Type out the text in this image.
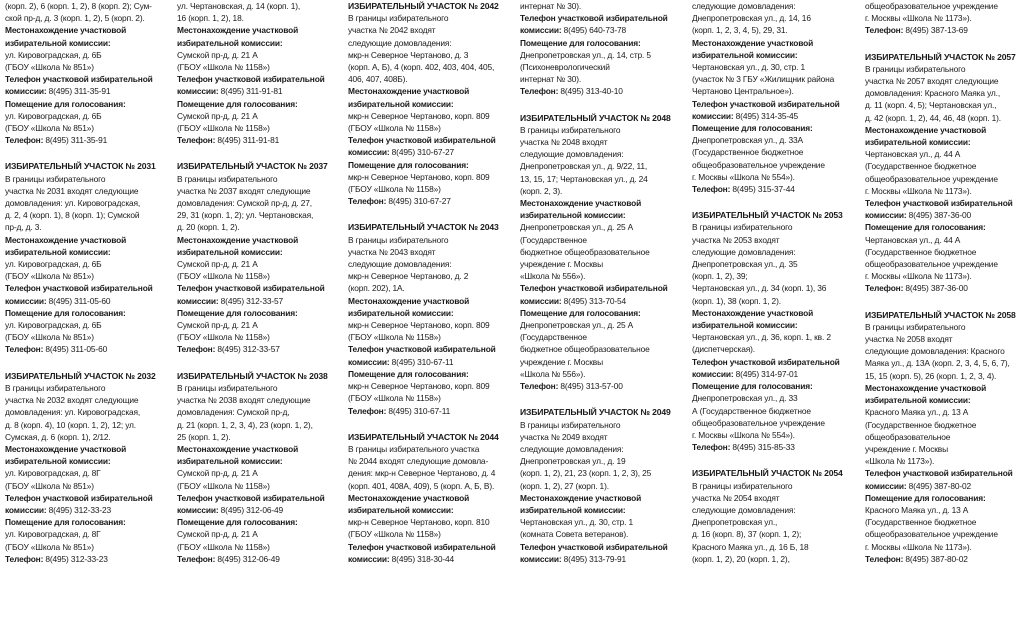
(корп. 2), 6 (корп. 1, 2), 8 (корп. 2); Сум-

ской пр-д, д. 3 (корп. 1, 2), 5 (корп. 2).

Местонахождение участковой

избирательной комиссии:

ул. Кировоградская, д. 6Б

(ГБОУ «Школа № 851»)

Телефон участковой избирательной

комиссии: 8(495) 311-35-91

Помещение для голосования:

ул. Кировоградская, д. 6Б

(ГБОУ «Школа № 851»)

Телефон: 8(495) 311-35-91

ИЗБИРАТЕЛЬНЫЙ УЧАСТОК № 2031

В границы избирательного

участка № 2031 входят следующие

домовладения: ул. Кировоградская,

д. 2, 4 (корп. 1), 8 (корп. 1); Сумской

пр-д, д. 3.

Местонахождение участковой

избирательной комиссии:

ул. Кировоградская, д. 6Б

(ГБОУ «Школа № 851»)

Телефон участковой избирательной

комиссии: 8(495) 311-05-60

Помещение для голосования:

ул. Кировоградская, д. 6Б

(ГБОУ «Школа № 851»)

Телефон: 8(495) 311-05-60

ИЗБИРАТЕЛЬНЫЙ УЧАСТОК № 2032

В границы избирательного

участка № 2032 входят следующие

домовладения: ул. Кировоградская,

д. 8 (корп. 4), 10 (корп. 1, 2), 12; ул.

Сумская, д. 6 (корп. 1), 2/12.

Местонахождение участковой

избирательной комиссии:

ул. Кировоградская, д. 8Г

(ГБОУ «Школа № 851»)

Телефон участковой избирательной

комиссии: 8(495) 312-33-23

Помещение для голосования:

ул. Кировоградская, д. 8Г

(ГБОУ «Школа № 851»)

Телефон: 8(495) 312-33-23

ул. Чертановская, д. 14 (корп. 1),

16 (корп. 1, 2), 18.

Местонахождение участковой

избирательной комиссии:

Сумской пр-д, д. 21 А

(ГБОУ «Школа № 1158»)

Телефон участковой избирательной

комиссии: 8(495) 311-91-81

Помещение для голосования:

Сумской пр-д, д. 21 А

(ГБОУ «Школа № 1158»)

Телефон: 8(495) 311-91-81

ИЗБИРАТЕЛЬНЫЙ УЧАСТОК № 2037

В границы избирательного

участка № 2037 входят следующие

домовладения: Сумской пр-д, д. 27,

29, 31 (корп. 1, 2); ул. Чертановская,

д. 20 (корп. 1, 2).

Местонахождение участковой

избирательной комиссии:

Сумской пр-д, д. 21 А

(ГБОУ «Школа № 1158»)

Телефон участковой избирательной

комиссии: 8(495) 312-33-57

Помещение для голосования:

Сумской пр-д, д. 21 А

(ГБОУ «Школа № 1158»)

Телефон: 8(495) 312-33-57

ИЗБИРАТЕЛЬНЫЙ УЧАСТОК № 2038

В границы избирательного

участка № 2038 входят следующие

домовладения: Сумской пр-д,

д. 21 (корп. 1, 2, 3, 4), 23 (корп. 1, 2),

25 (корп. 1, 2).

Местонахождение участковой

избирательной комиссии:

Сумской пр-д, д. 21 А

(ГБОУ «Школа № 1158»)

Телефон участковой избирательной

комиссии: 8(495) 312-06-49

Помещение для голосования:

Сумской пр-д, д. 21 А

(ГБОУ «Школа № 1158»)

Телефон: 8(495) 312-06-49

ИЗБИРАТЕЛЬНЫЙ УЧАСТОК № 2042

В границы избирательного

участка № 2042 входят

следующие домовладения:

мкр-н Северное Чертаново, д. 3

(корп. А, Б), 4 (корп. 402, 403, 404, 405,

406, 407, 408Б).

Местонахождение участковой

избирательной комиссии:

мкр-н Северное Чертаново, корп. 809

(ГБОУ «Школа № 1158»)

Телефон участковой избирательной

комиссии: 8(495) 310-67-27

Помещение для голосования:

мкр-н Северное Чертаново, корп. 809

(ГБОУ «Школа № 1158»)

Телефон: 8(495) 310-67-27

ИЗБИРАТЕЛЬНЫЙ УЧАСТОК № 2043

В границы избирательного

участка № 2043 входят

следующие домовладения:

мкр-н Северное Чертаново, д. 2

(корп. 202), 1А.

Местонахождение участковой

избирательной комиссии:

мкр-н Северное Чертаново, корп. 809

(ГБОУ «Школа № 1158»)

Телефон участковой избирательной

комиссии: 8(495) 310-67-11

Помещение для голосования:

мкр-н Северное Чертаново, корп. 809

(ГБОУ «Школа № 1158»)

Телефон: 8(495) 310-67-11

ИЗБИРАТЕЛЬНЫЙ УЧАСТОК № 2044

В границы избирательного участка

№ 2044 входят следующие домовла-

дения: мкр-н Северное Чертаново, д. 4

(корп. 401, 408А, 409), 5 (корп. А, Б, В).

Местонахождение участковой

избирательной комиссии:

мкр-н Северное Чертаново, корп. 810

(ГБОУ «Школа № 1158»)

Телефон участковой избирательной

комиссии: 8(495) 318-30-44

интернат № 30).

Телефон участковой избирательной комиссии: 8(495) 640-73-78

Помещение для голосования:

Днепропетровская ул., д. 14, стр. 5

(Психоневрологический

интернат № 30).

Телефон: 8(495) 313-40-10

ИЗБИРАТЕЛЬНЫЙ УЧАСТОК № 2048

В границы избирательного

участка № 2048 входят

следующие домовладения:

Днепропетровская ул., д. 9/22, 11,

13, 15, 17; Чертановская ул., д. 24

(корп. 2, 3).

Местонахождение участковой

избирательной комиссии:

Днепропетровская ул., д. 25 А

(Государственное

бюджетное общеобразовательное

учреждение г. Москвы

«Школа № 556»).

Телефон участковой избирательной

комиссии: 8(495) 313-70-54

Помещение для голосования:

Днепропетровская ул., д. 25 А

(Государственное

бюджетное общеобразовательное

учреждение г. Москвы

«Школа № 556»).

Телефон: 8(495) 313-57-00

ИЗБИРАТЕЛЬНЫЙ УЧАСТОК № 2049

В границы избирательного

участка № 2049 входят

следующие домовладения:

Днепропетровская ул., д. 19

(корп. 1, 2), 21, 23 (корп. 1, 2, 3), 25

(корп. 1, 2), 27 (корп. 1).

Местонахождение участковой

избирательной комиссии:

Чертановская ул., д. 30, стр. 1

(комната Совета ветеранов).

Телефон участковой избирательной

комиссии: 8(495) 313-79-91

следующие домовладения:

Днепропетровская ул., д. 14, 16

(корп. 1, 2, 3, 4, 5), 29, 31.

Местонахождение участковой

избирательной комиссии:

Чертановская ул., д. 30, стр. 1

(участок № 3 ГБУ «Жилищник района

Чертаново Центральное»).

Телефон участковой избирательной

комиссии: 8(495) 314-35-45

Помещение для голосования:

Днепропетровская ул., д. 33А

(Государственное бюджетное

общеобразовательное учреждение

г. Москвы «Школа № 554»).

Телефон: 8(495) 315-37-44

ИЗБИРАТЕЛЬНЫЙ УЧАСТОК № 2053

В границы избирательного

участка № 2053 входят

следующие домовладения:

Днепропетровская ул., д. 35

(корп. 1, 2), 39;

Чертановская ул., д. 34 (корп. 1), 36

(корп. 1), 38 (корп. 1, 2).

Местонахождение участковой

избирательной комиссии:

Чертановская ул., д. 36, корп. 1, кв. 2

(диспетчерская).

Телефон участковой избирательной

комиссии: 8(495) 314-97-01

Помещение для голосования:

Днепропетровская ул., д. 33

А (Государственное бюджетное

общеобразовательное учреждение

г. Москвы «Школа № 554»).

Телефон: 8(495) 315-85-33

ИЗБИРАТЕЛЬНЫЙ УЧАСТОК № 2054

В границы избирательного

участка № 2054 входят

следующие домовладения:

Днепропетровская ул.,

д. 16 (корп. 8), 37 (корп. 1, 2);

Красного Маяка ул., д. 16 Б, 18

(корп. 1, 2), 20 (корп. 1, 2),

общеобразовательное учреждение

г. Москвы «Школа № 1173»).

Телефон: 8(495) 387-13-69

ИЗБИРАТЕЛЬНЫЙ УЧАСТОК № 2057

В границы избирательного

участка № 2057 входят следующие

домовладения: Красного Маяка ул.,

д. 11 (корп. 4, 5); Чертановская ул.,

д. 42 (корп. 1, 2), 44, 46, 48 (корп. 1).

Местонахождение участковой

избирательной комиссии:

Чертановская ул., д. 44 А

(Государственное бюджетное

общеобразовательное учреждение

г. Москвы «Школа № 1173»).

Телефон участковой избирательной

комиссии: 8(495) 387-36-00

Помещение для голосования:

Чертановская ул., д. 44 А

(Государственное бюджетное

общеобразовательное учреждение

г. Москвы «Школа № 1173»).

Телефон: 8(495) 387-36-00

ИЗБИРАТЕЛЬНЫЙ УЧАСТОК № 2058

В границы избирательного

участка № 2058 входят

следующие домовладения: Красного

Маяка ул., д. 13А (корп. 2, 3, 4, 5, 6, 7),

15, 15 (корп. 5), 26 (корп. 1, 2, 3, 4).

Местонахождение участковой

избирательной комиссии:

Красного Маяка ул., д. 13 А

(Государственное бюджетное

общеобразовательное

учреждение г. Москвы

«Школа № 1173»).

Телефон участковой избирательной

комиссии: 8(495) 387-80-02

Помещение для голосования:

Красного Маяка ул., д. 13 А

(Государственное бюджетное

общеобразовательное учреждение

г. Москвы «Школа № 1173»).

Телефон: 8(495) 387-80-02
